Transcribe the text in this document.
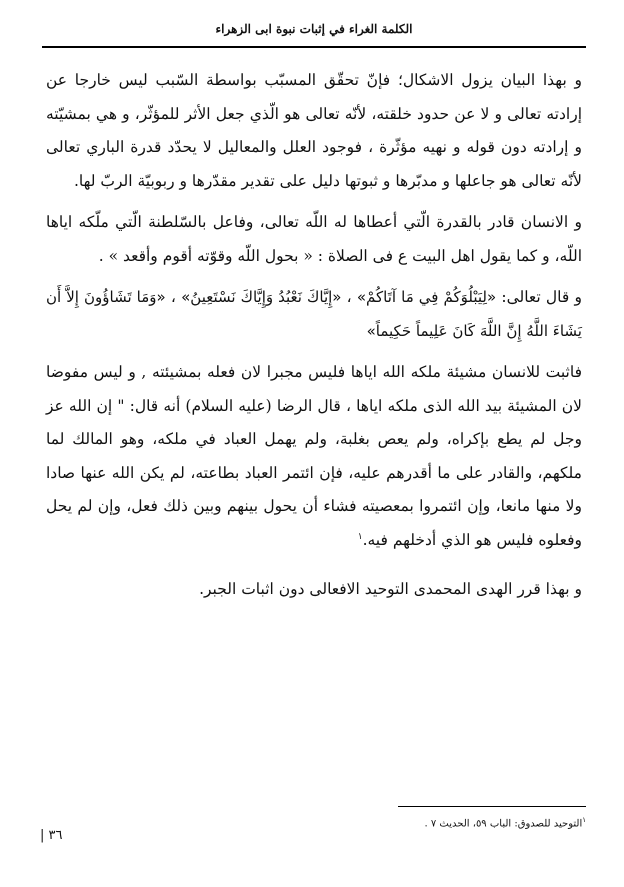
الكلمة الغراء في إثبات نبوة ابى الزهراء

و بهذا البيان يزول الاشكال؛ فإنّ تحقّق المسبّب بواسطة السّبب ليس خارجا عن إرادته تعالى و لا عن حدود خلقته، لأنّه تعالى هو الّذي جعل الأثر للمؤثّر، و هي بمشيّته و إرادته دون قوله و نهيه مؤثّرة ، فوجود العلل والمعاليل لا يحدّد قدرة الباري تعالى لأنّه تعالى هو جاعلها و مدبّرها و ثبوتها دليل على تقدير مقدّرها و ربوبيّة الربّ لها.

و الانسان قادر بالقدرة الّتي أعطاها له اللّه تعالى، وفاعل بالسّلطنة الّتي ملّكه اياها اللّه، و كما يقول اهل البيت ع فى الصلاة : « بحول اللّه وقوّته أقوم وأقعد » .

و قال تعالى: «لِيَبْلُوَكُمْ فِي مَا آتَاكُمْ» ، «إِيَّاكَ نَعْبُدُ وَإِيَّاكَ نَسْتَعِينُ» ، «وَمَا تَشَاؤُونَ إِلاَّ أَن يَشَاءَ اللَّهُ إِنَّ اللَّهَ كَانَ عَلِيماً حَكِيماً»

فاثبت للانسان مشيئة ملكه الله اياها فليس مجبرا لان فعله بمشيئته , و ليس مفوضا لان المشيئة بيد الله الذى ملكه اياها ، قال الرضا (عليه السلام) أنه قال: " إن الله عز وجل لم يطع بإكراه، ولم يعص بغلبة، ولم يهمل العباد في ملكه، وهو المالك لما ملكهم، والقادر على ما أقدرهم عليه، فإن ائتمر العباد بطاعته، لم يكن الله عنها صادا ولا منها مانعا، وإن ائتمروا بمعصيته فشاء أن يحول بينهم وبين ذلك فعل، وإن لم يحل وفعلوه فليس هو الذي أدخلهم فيه.$^١$

و بهذا قرر الهدى المحمدى التوحيد الافعالى دون اثبات الجبر.

$^١$التوحيد للصدوق: الباب ٥٩، الحديث ٧ .
٣٦ |
